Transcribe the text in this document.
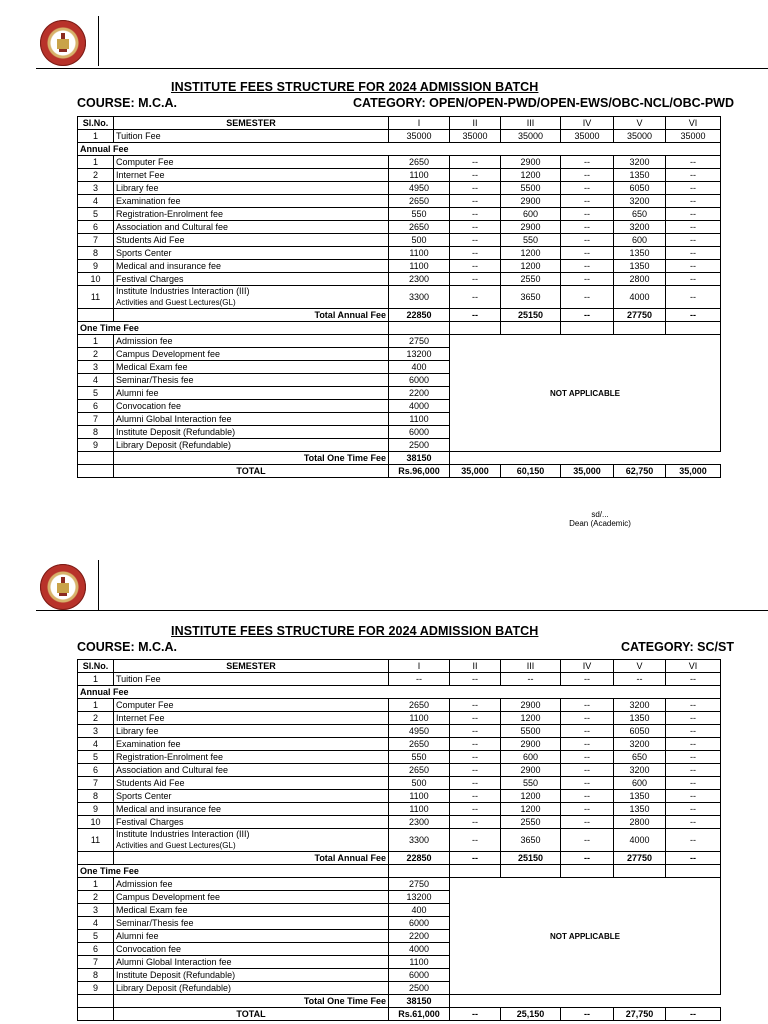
INSTITUTE FEES STRUCTURE FOR 2024 ADMISSION BATCH
COURSE: M.C.A.	CATEGORY: OPEN/OPEN-PWD/OPEN-EWS/OBC-NCL/OBC-PWD
Sl.No.	SEMESTER	I	II	III	IV	V	VI
1	Tuition Fee	35000	35000	35000	35000	35000	35000
Annual Fee							
1	Computer Fee	2650	--	2900	--	3200	--
2	Internet Fee	1100	--	1200	--	1350	--
3	Library fee	4950	--	5500	--	6050	--
4	Examination fee	2650	--	2900	--	3200	--
5	Registration-Enrolment fee	550	--	600	--	650	--
6	Association and Cultural fee	2650	--	2900	--	3200	--
7	Students Aid Fee	500	--	550	--	600	--
8	Sports Center	1100	--	1200	--	1350	--
9	Medical and insurance fee	1100	--	1200	--	1350	--
10	Festival Charges	2300	--	2550	--	2800	--
11	Institute Industries Interaction (III)
Activities and Guest Lectures(GL)	3300	--	3650	--	4000	--
	Total Annual Fee	22850	--	25150	--	27750	--
One Time Fee							
1	Admission fee	2750	NOT APPLICABLE				
2	Campus Development fee	13200					
3	Medical Exam fee	400					
4	Seminar/Thesis fee	6000					
5	Alumni fee	2200					
6	Convocation fee	4000					
7	Alumni Global Interaction fee	1100					
8	Institute Deposit (Refundable)	6000					
9	Library Deposit (Refundable)	2500					
	Total One Time Fee	38150					
	TOTAL	Rs.96,000	35,000	60,150	35,000	62,750	35,000
sd/...
Dean (Academic)
INSTITUTE FEES STRUCTURE FOR 2024 ADMISSION BATCH
COURSE: M.C.A.	CATEGORY: SC/ST
Sl.No.	SEMESTER	I	II	III	IV	V	VI
1	Tuition Fee	--	--	--	--	--	--
Annual Fee							
1	Computer Fee	2650	--	2900	--	3200	--
2	Internet Fee	1100	--	1200	--	1350	--
3	Library fee	4950	--	5500	--	6050	--
4	Examination fee	2650	--	2900	--	3200	--
5	Registration-Enrolment fee	550	--	600	--	650	--
6	Association and Cultural fee	2650	--	2900	--	3200	--
7	Students Aid Fee	500	--	550	--	600	--
8	Sports Center	1100	--	1200	--	1350	--
9	Medical and insurance fee	1100	--	1200	--	1350	--
10	Festival Charges	2300	--	2550	--	2800	--
11	Institute Industries Interaction (III)
Activities and Guest Lectures(GL)	3300	--	3650	--	4000	--
	Total Annual Fee	22850	--	25150	--	27750	--
One Time Fee							
1	Admission fee	2750	NOT APPLICABLE				
2	Campus Development fee	13200					
3	Medical Exam fee	400					
4	Seminar/Thesis fee	6000					
5	Alumni fee	2200					
6	Convocation fee	4000					
7	Alumni Global Interaction fee	1100					
8	Institute Deposit (Refundable)	6000					
9	Library Deposit (Refundable)	2500					
	Total One Time Fee	38150					
	TOTAL	Rs.61,000	--	25,150	--	27,750	--
